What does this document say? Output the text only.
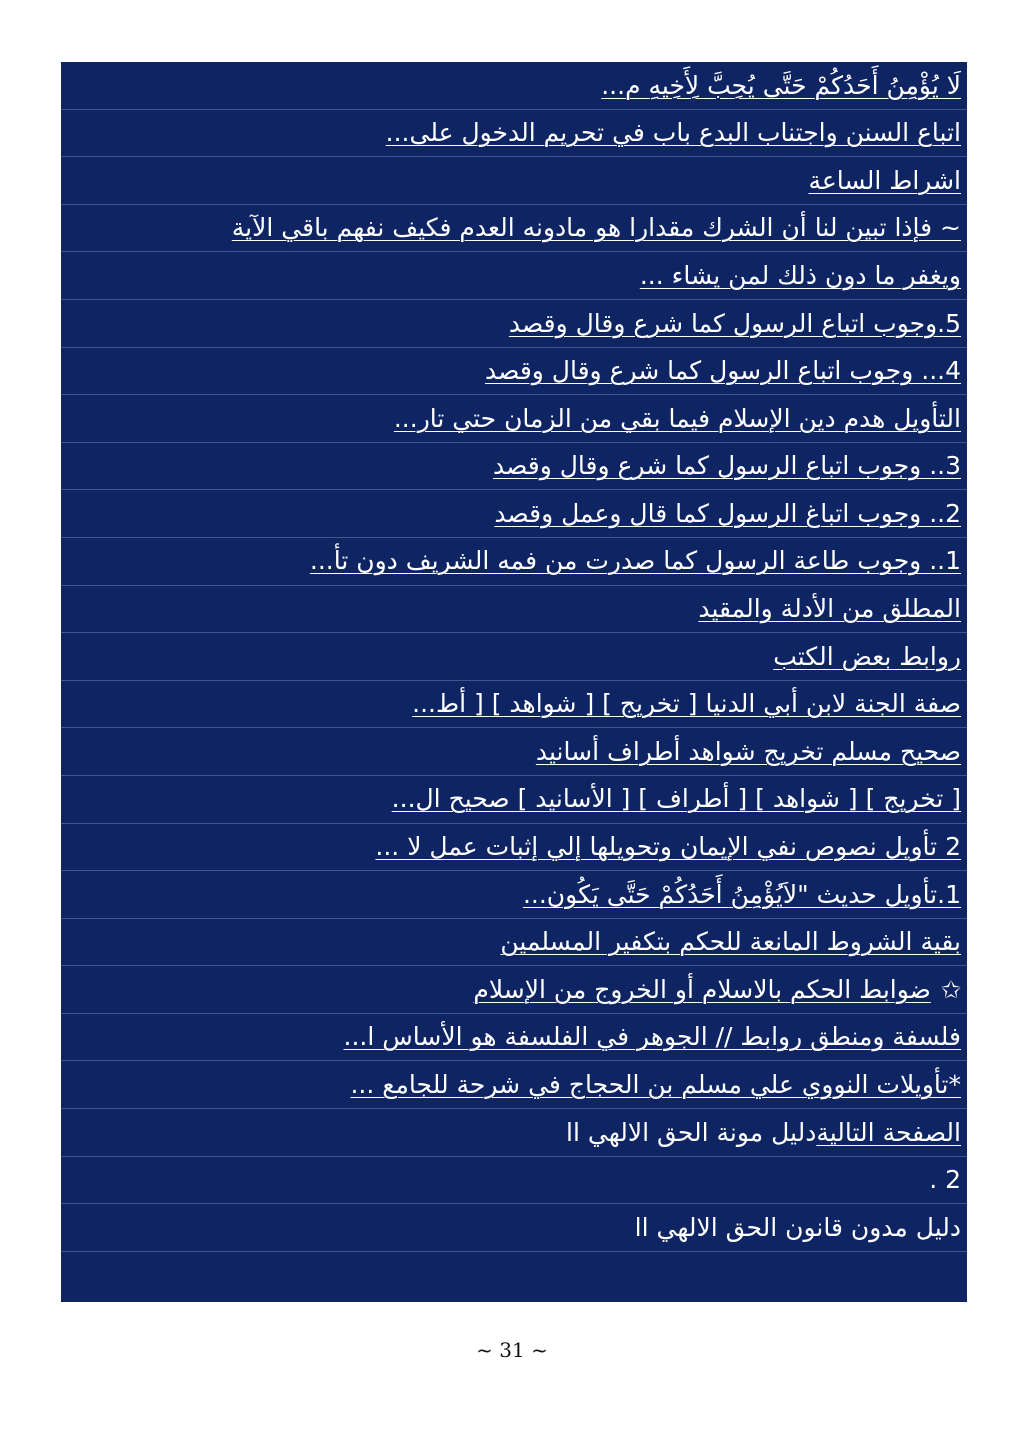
لَا يُؤْمِنُ أَحَدُكُمْ حَتَّى يُحِبَّ لِأَخِيهِ م...
اتباع السنن واجتناب البدع باب في تحريم الدخول على...
اشراط الساعة
~ فإذا تبين لنا أن الشرك مقدارا هو مادونه العدم فكيف نفهم باقي الآية
ويغفر ما دون ذلك لمن يشاء ...
5.وجوب اتباع الرسول كما شرع وقال وقصد
4... وجوب اتباع الرسول كما شرع وقال وقصد
التأويل هدم دين الإسلام فيما بقي من الزمان حتي تار...
3.. وجوب اتباع الرسول كما شرع وقال وقصد
2.. وجوب اتباغ الرسول كما قال وعمل وقصد
1.. وجوب طاعة الرسول كما صدرت من فمه الشريف دون تأ...
المطلق من الأدلة والمقيد
روابط بعض الكتب
صفة الجنة لابن أبي الدنيا [ تخريج ] [ شواهد ] [ أط...
صحيح مسلم تخريج شواهد أطراف أسانيد
[ تخريج ] [ شواهد ] [ أطراف ] [ الأسانيد ] صحيح ال...
2 تأويل نصوص نفي الإيمان وتحويلها إلي إثبات عمل لا ...
1.تأويل حديث "لاَيُؤْمِنُ أَحَدُكُمْ حَتَّى يَكُون...
بقية الشروط المانعة للحكم بتكفير المسلمين
✩
ضوابط الحكم بالاسلام أو الخروج من الإسلام
فلسفة ومنطق روابط // الجوهر في الفلسفة هو الأساس ا...
*تأويلات النووي علي مسلم بن الحجاج في شرحة للجامع ...
الصفحة التالية
دليل مونة الحق الالهي اا
2 .
دليل مدون قانون الحق الالهي اا
~ 31 ~
